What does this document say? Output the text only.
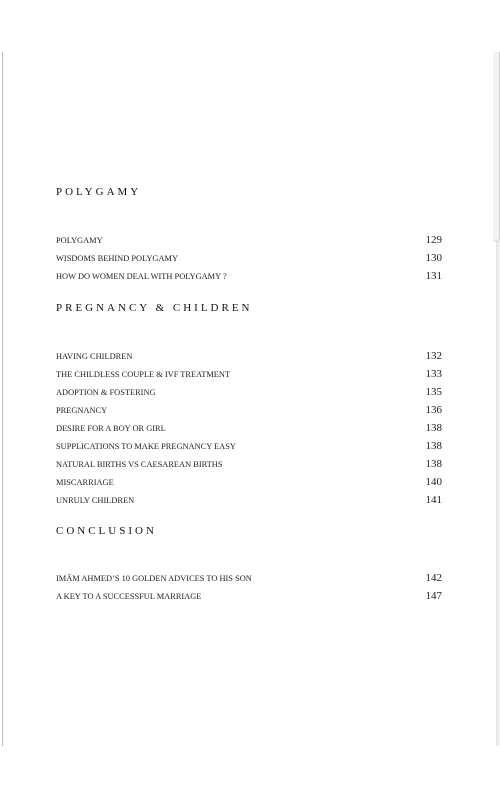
POLYGAMY
POLYGAMY	129
WISDOMS BEHIND POLYGAMY	130
HOW DO WOMEN DEAL WITH POLYGAMY ?	131
PREGNANCY & CHILDREN
HAVING CHILDREN	132
THE CHILDLESS COUPLE & IVF TREATMENT	133
ADOPTION & FOSTERING	135
PREGNANCY	136
DESIRE FOR A BOY OR GIRL	138
SUPPLICATIONS TO MAKE PREGNANCY EASY	138
NATURAL BIRTHS VS CAESAREAN BIRTHS	138
MISCARRIAGE	140
UNRULY CHILDREN	141
CONCLUSION
IMĀM AHMED’S 10 GOLDEN ADVICES TO HIS SON	142
A KEY TO A SUCCESSFUL MARRIAGE	147
